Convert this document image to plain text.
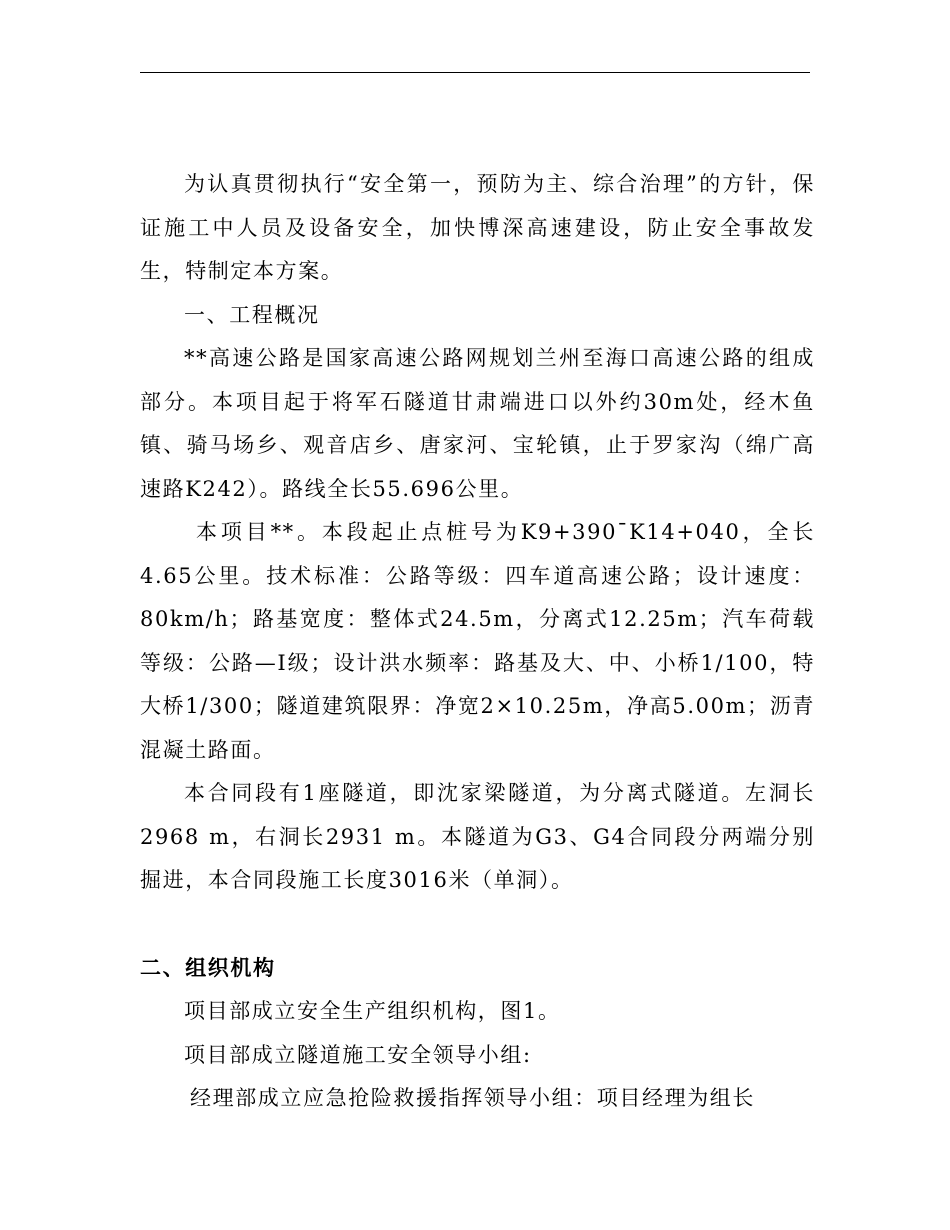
为认真贯彻执行“安全第一，预防为主、综合治理”的方针，保证施工中人员及设备安全，加快博深高速建设，防止安全事故发生，特制定本方案。

一、工程概况

**高速公路是国家高速公路网规划兰州至海口高速公路的组成部分。本项目起于将军石隧道甘肃端进口以外约30m处，经木鱼镇、骑马场乡、观音店乡、唐家河、宝轮镇，止于罗家沟（绵广高速路K242）。路线全长55.696公里。

本项目**。本段起止点桩号为K9+390¯K14+040，全长4.65公里。技术标准：公路等级：四车道高速公路；设计速度：80km/h；路基宽度：整体式24.5m，分离式12.25m；汽车荷载等级：公路—I级；设计洪水频率：路基及大、中、小桥1/100，特大桥1/300；隧道建筑限界：净宽2×10.25m，净高5.00m；沥青混凝土路面。

本合同段有1座隧道，即沈家梁隧道，为分离式隧道。左洞长2968 m，右洞长2931 m。本隧道为G3、G4合同段分两端分别掘进，本合同段施工长度3016米（单洞）。

二、组织机构

项目部成立安全生产组织机构，图1。

项目部成立隧道施工安全领导小组:

经理部成立应急抢险救援指挥领导小组：项目经理为组长
